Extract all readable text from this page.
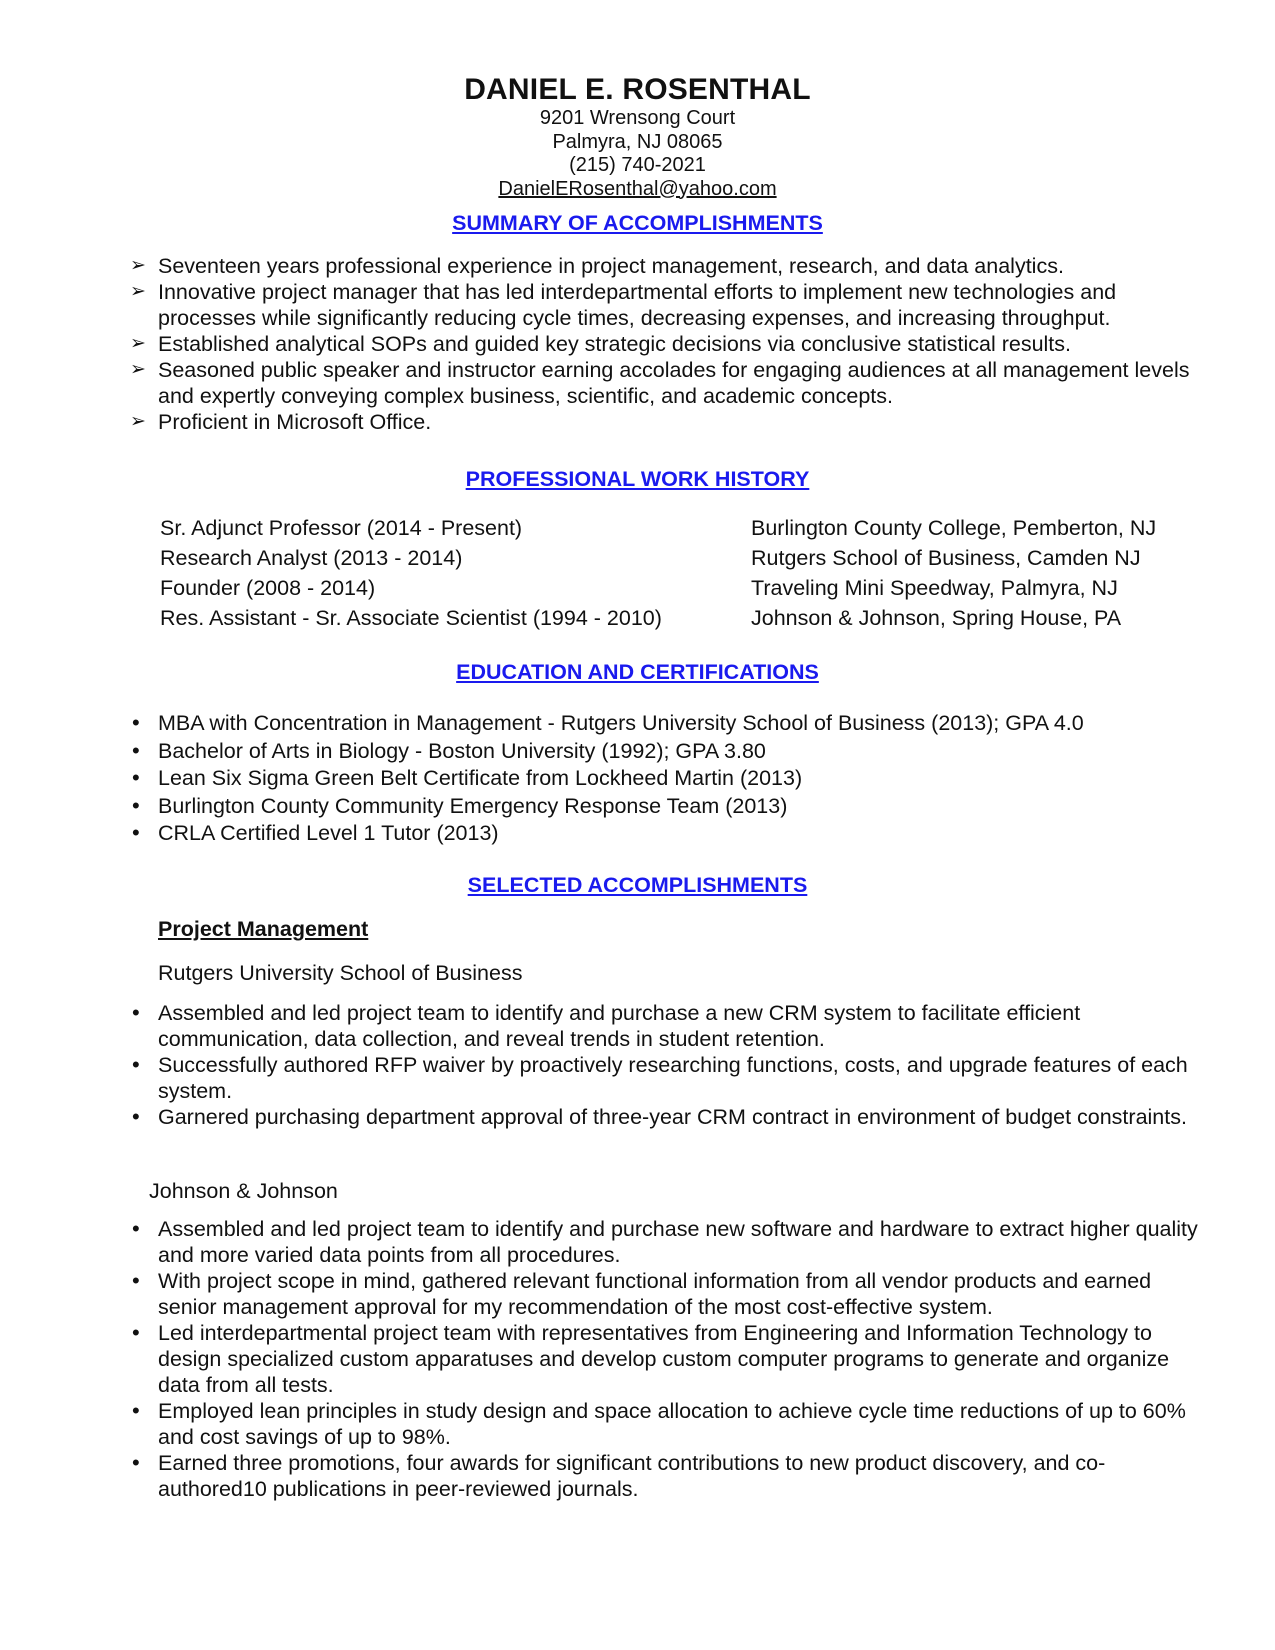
DANIEL E. ROSENTHAL
9201 Wrensong Court
Palmyra, NJ 08065
(215) 740-2021
DanielERosenthal@yahoo.com
SUMMARY OF ACCOMPLISHMENTS
➢ Seventeen years professional experience in project management, research, and data analytics.
➢ Innovative project manager that has led interdepartmental efforts to implement new technologies and processes while significantly reducing cycle times, decreasing expenses, and increasing throughput.
➢ Established analytical SOPs and guided key strategic decisions via conclusive statistical results.
➢ Seasoned public speaker and instructor earning accolades for engaging audiences at all management levels and expertly conveying complex business, scientific, and academic concepts.
➢ Proficient in Microsoft Office.
PROFESSIONAL WORK HISTORY
Sr. Adjunct Professor (2014 - Present)	Burlington County College, Pemberton, NJ
Research Analyst (2013 - 2014)	Rutgers School of Business, Camden NJ
Founder (2008 - 2014)	Traveling Mini Speedway, Palmyra, NJ
Res. Assistant - Sr. Associate Scientist (1994 - 2010)	Johnson & Johnson, Spring House, PA
EDUCATION AND CERTIFICATIONS
• MBA with Concentration in Management - Rutgers University School of Business (2013); GPA 4.0
• Bachelor of Arts in Biology - Boston University (1992); GPA 3.80
• Lean Six Sigma Green Belt Certificate from Lockheed Martin (2013)
• Burlington County Community Emergency Response Team (2013)
• CRLA Certified Level 1 Tutor (2013)
SELECTED ACCOMPLISHMENTS
Project Management
Rutgers University School of Business
• Assembled and led project team to identify and purchase a new CRM system to facilitate efficient communication, data collection, and reveal trends in student retention.
• Successfully authored RFP waiver by proactively researching functions, costs, and upgrade features of each system.
• Garnered purchasing department approval of three-year CRM contract in environment of budget constraints.
Johnson & Johnson
• Assembled and led project team to identify and purchase new software and hardware to extract higher quality and more varied data points from all procedures.
• With project scope in mind, gathered relevant functional information from all vendor products and earned senior management approval for my recommendation of the most cost-effective system.
• Led interdepartmental project team with representatives from Engineering and Information Technology to design specialized custom apparatuses and develop custom computer programs to generate and organize data from all tests.
• Employed lean principles in study design and space allocation to achieve cycle time reductions of up to 60% and cost savings of up to 98%.
• Earned three promotions, four awards for significant contributions to new product discovery, and co-authored10 publications in peer-reviewed journals.
